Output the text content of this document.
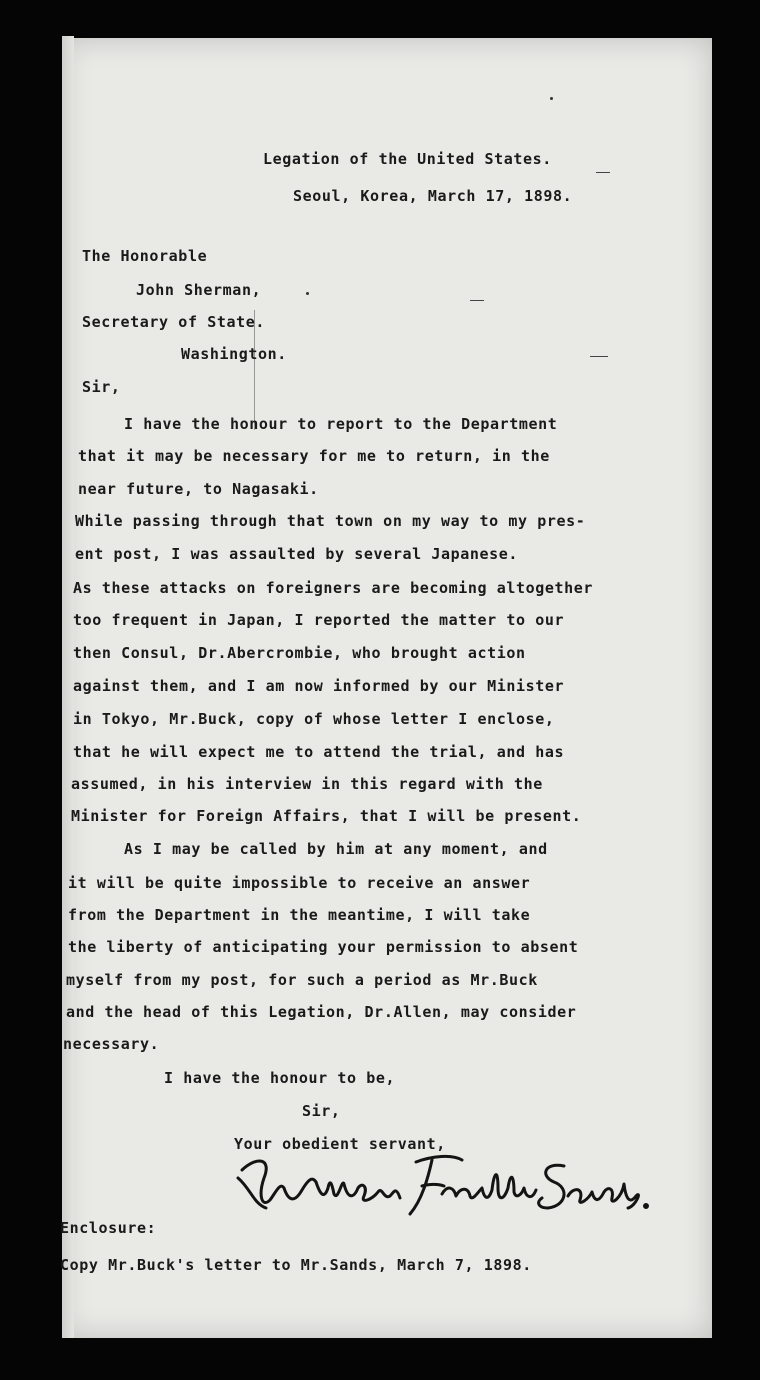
Legation of the United States.
Seoul, Korea, March 17, 1898.
The Honorable
John Sherman,
Secretary of State.
Washington.
Sir,
I have the honour to report to the Department
that it may be necessary for me to return, in the
near future, to Nagasaki.
While passing through that town on my way to my pres-
ent post, I was assaulted by several Japanese.
As these attacks on foreigners are becoming altogether
too frequent in Japan, I reported the matter to our
then Consul, Dr.Abercrombie, who brought action
against them, and I am now informed by our Minister
in Tokyo, Mr.Buck, copy of whose letter I enclose,
that he will expect me to attend the trial, and has
assumed, in his interview in this regard with the
Minister for Foreign Affairs, that I will be present.
As I may be called by him at any moment, and
it will be quite impossible to receive an answer
from the Department in the meantime, I will take
the liberty of anticipating your permission to absent
myself from my post, for such a period as Mr.Buck
and the head of this Legation, Dr.Allen, may consider
necessary.
I have the honour to be,
Sir,
Your obedient servant,
Enclosure:
Copy Mr.Buck's letter to Mr.Sands, March 7, 1898.
